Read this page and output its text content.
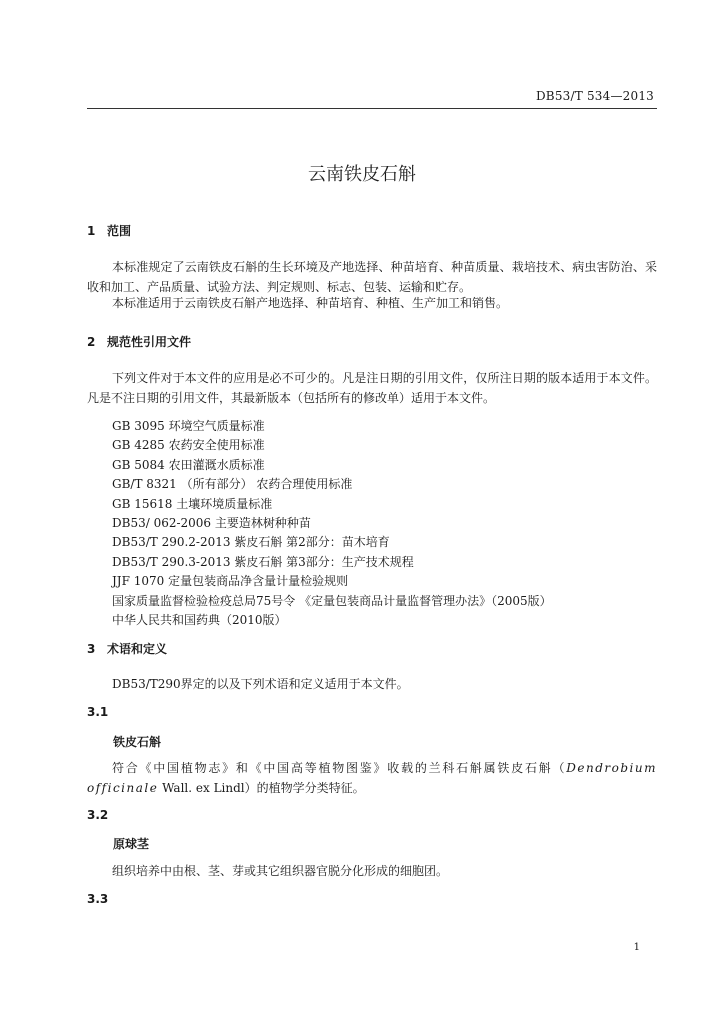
DB53/T 534—2013
云南铁皮石斛
1 范围

本标准规定了云南铁皮石斛的生长环境及产地选择、种苗培育、种苗质量、栽培技术、病虫害防治、采收和加工、产品质量、试验方法、判定规则、标志、包装、运输和贮存。

本标准适用于云南铁皮石斛产地选择、种苗培育、种植、生产加工和销售。

2 规范性引用文件

下列文件对于本文件的应用是必不可少的。凡是注日期的引用文件，仅所注日期的版本适用于本文件。凡是不注日期的引用文件，其最新版本（包括所有的修改单）适用于本文件。

GB 3095 环境空气质量标准
GB 4285 农药安全使用标准
GB 5084 农田灌溉水质标准
GB/T 8321 （所有部分） 农药合理使用标准
GB 15618 土壤环境质量标准
DB53/ 062-2006 主要造林树种种苗
DB53/T 290.2-2013 紫皮石斛 第2部分：苗木培育
DB53/T 290.3-2013 紫皮石斛 第3部分：生产技术规程
JJF 1070 定量包装商品净含量计量检验规则
国家质量监督检验检疫总局75号令 《定量包装商品计量监督管理办法》（2005版）
中华人民共和国药典（2010版）
3 术语和定义

DB53/T290界定的以及下列术语和定义适用于本文件。

3.1
铁皮石斛

符合《中国植物志》和《中国高等植物图鉴》收载的兰科石斛属铁皮石斛（Dendrobium officinale Wall. ex Lindl）的植物学分类特征。

3.2
原球茎

组织培养中由根、茎、芽或其它组织器官脱分化形成的细胞团。

3.3
1
